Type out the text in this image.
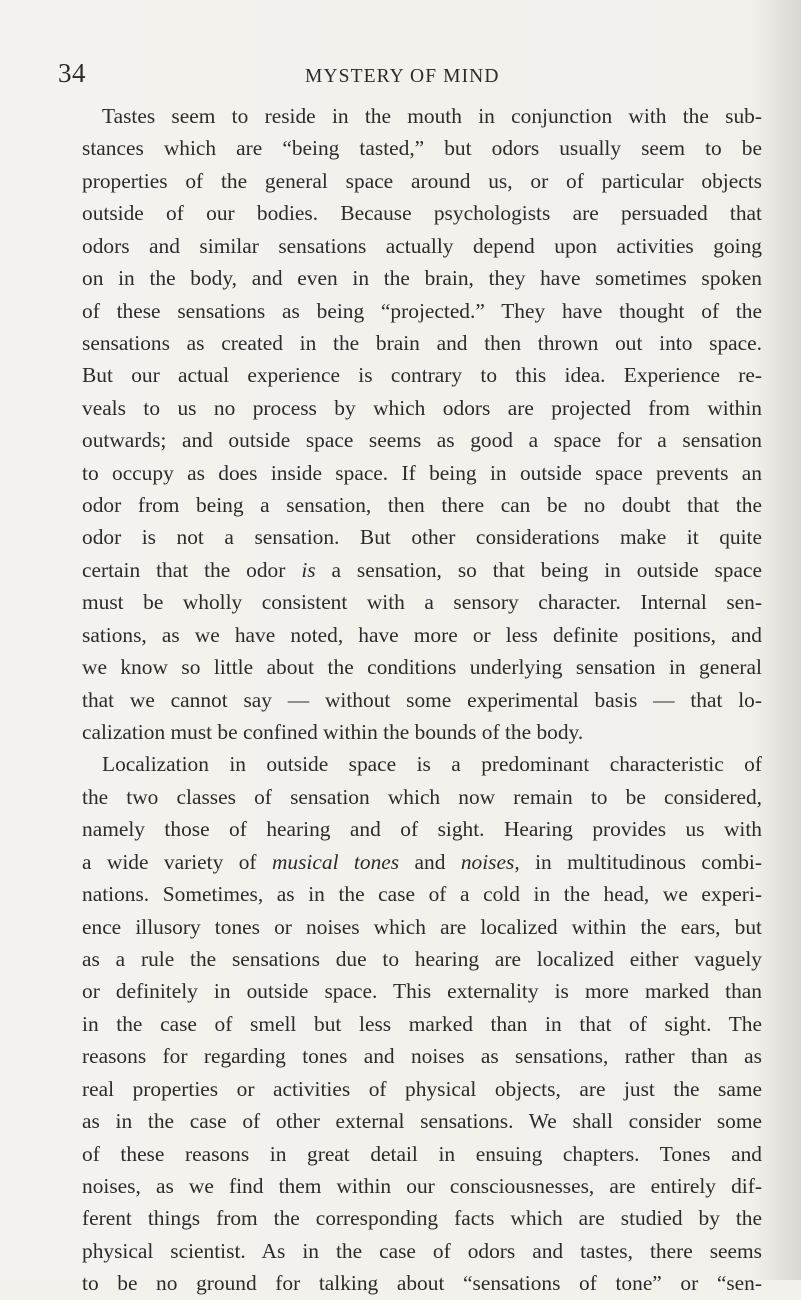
34	MYSTERY OF MIND
Tastes seem to reside in the mouth in conjunction with the sub-
stances which are “being tasted,” but odors usually seem to be
properties of the general space around us, or of particular objects
outside of our bodies. Because psychologists are persuaded that
odors and similar sensations actually depend upon activities going
on in the body, and even in the brain, they have sometimes spoken
of these sensations as being “projected.” They have thought of the
sensations as created in the brain and then thrown out into space.
But our actual experience is contrary to this idea. Experience re-
veals to us no process by which odors are projected from within
outwards; and outside space seems as good a space for a sensation
to occupy as does inside space. If being in outside space prevents an
odor from being a sensation, then there can be no doubt that the
odor is not a sensation. But other considerations make it quite
certain that the odor is a sensation, so that being in outside space
must be wholly consistent with a sensory character. Internal sen-
sations, as we have noted, have more or less definite positions, and
we know so little about the conditions underlying sensation in general
that we cannot say — without some experimental basis — that lo-
calization must be confined within the bounds of the body.
Localization in outside space is a predominant characteristic of
the two classes of sensation which now remain to be considered,
namely those of hearing and of sight. Hearing provides us with
a wide variety of musical tones and noises, in multitudinous combi-
nations. Sometimes, as in the case of a cold in the head, we experi-
ence illusory tones or noises which are localized within the ears, but
as a rule the sensations due to hearing are localized either vaguely
or definitely in outside space. This externality is more marked than
in the case of smell but less marked than in that of sight. The
reasons for regarding tones and noises as sensations, rather than as
real properties or activities of physical objects, are just the same
as in the case of other external sensations. We shall consider some
of these reasons in great detail in ensuing chapters. Tones and
noises, as we find them within our consciousnesses, are entirely dif-
ferent things from the corresponding facts which are studied by the
physical scientist. As in the case of odors and tastes, there seems
to be no ground for talking about “sensations of tone” or “sen-
